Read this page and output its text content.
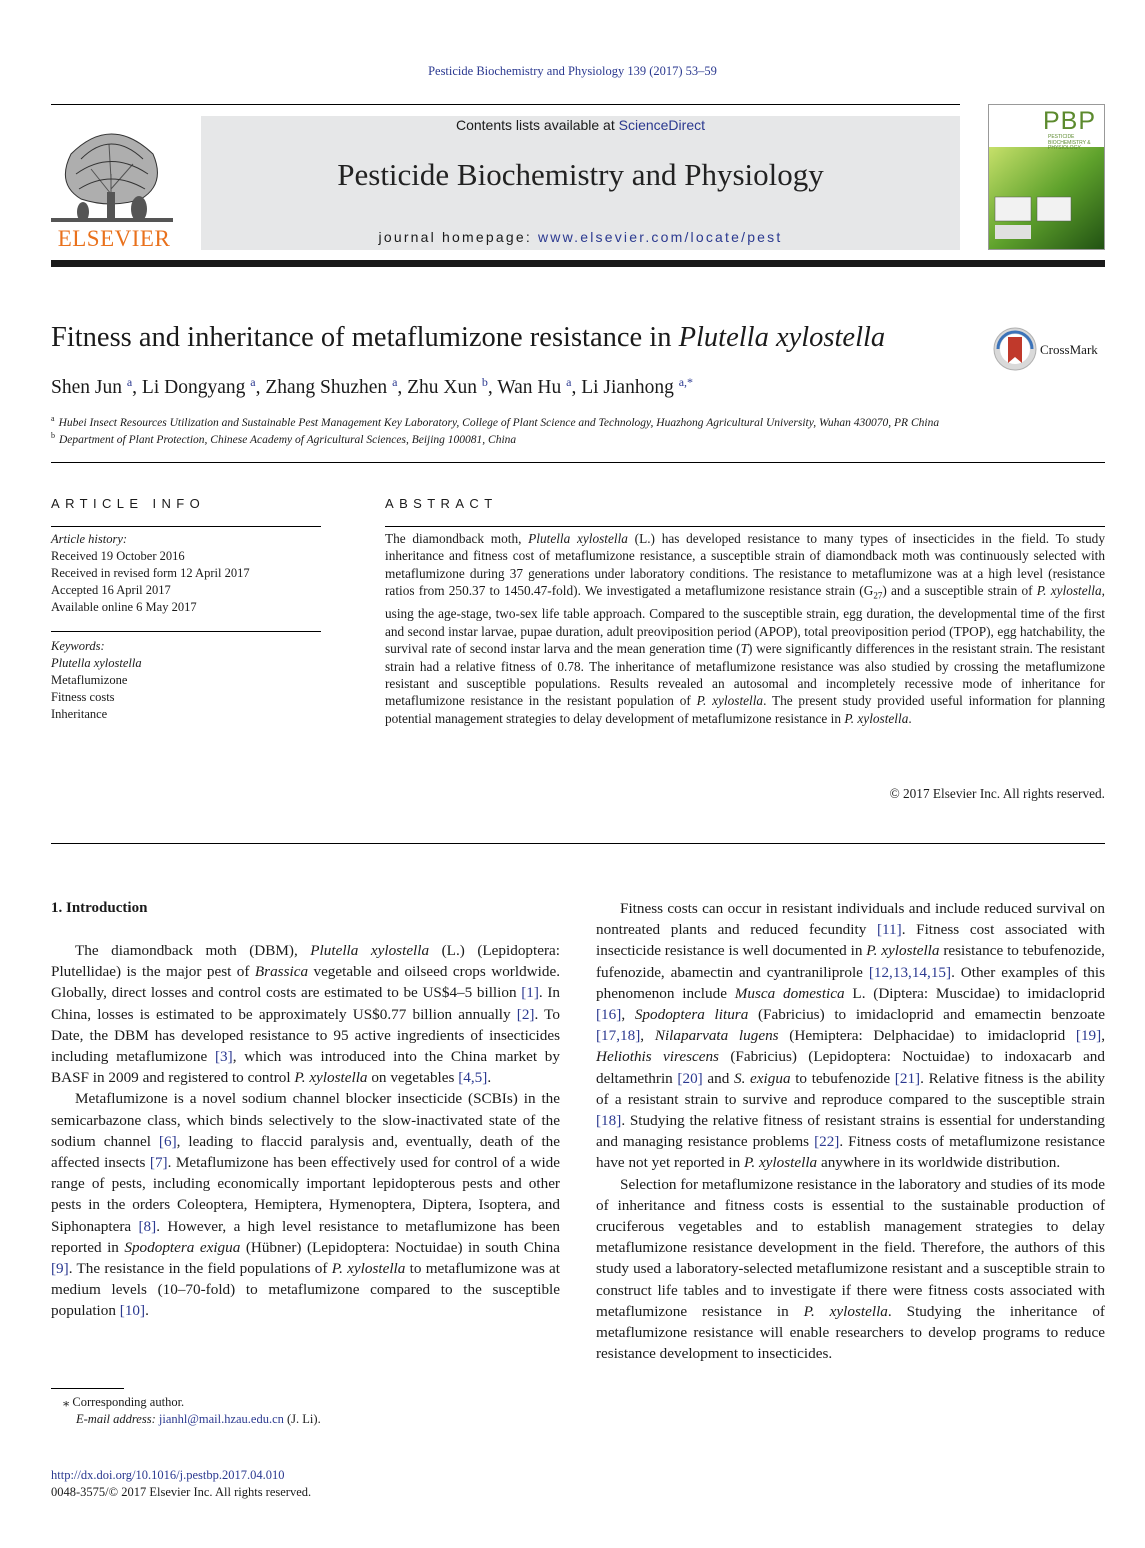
Pesticide Biochemistry and Physiology 139 (2017) 53–59
ELSEVIER
Contents lists available at ScienceDirect
Pesticide Biochemistry and Physiology
journal homepage: www.elsevier.com/locate/pest
PBP
PESTICIDE BIOCHEMISTRY & PHYSIOLOGY
Fitness and inheritance of metaflumizone resistance in Plutella xylostella	CrossMark
Shen Jun $^a$, Li Dongyang $^a$, Zhang Shuzhen $^a$, Zhu Xun $^b$, Wan Hu $^a$, Li Jianhong $^{a,*}$
$^a$ Hubei Insect Resources Utilization and Sustainable Pest Management Key Laboratory, College of Plant Science and Technology, Huazhong Agricultural University, Wuhan 430070, PR China
$^b$ Department of Plant Protection, Chinese Academy of Agricultural Sciences, Beijing 100081, China
ARTICLE INFO
Article history:
Received 19 October 2016
Received in revised form 12 April 2017
Accepted 16 April 2017
Available online 6 May 2017
Keywords:
Plutella xylostella
Metaflumizone
Fitness costs
Inheritance
ABSTRACT
The diamondback moth, Plutella xylostella (L.) has developed resistance to many types of insecticides in the field. To study inheritance and fitness cost of metaflumizone resistance, a susceptible strain of diamondback moth was continuously selected with metaflumizone during 37 generations under laboratory conditions. The resistance to metaflumizone was at a high level (resistance ratios from 250.37 to 1450.47-fold). We investigated a metaflumizone resistance strain $(G_{27})$ and a susceptible strain of P. xylostella, using the age-stage, two-sex life table approach. Compared to the susceptible strain, egg duration, the developmental time of the first and second instar larvae, pupae duration, adult preoviposition period (APOP), total preoviposition period (TPOP), egg hatchability, the survival rate of second instar larva and the mean generation time (T) were significantly differences in the resistant strain. The resistant strain had a relative fitness of 0.78. The inheritance of metaflumizone resistance was also studied by crossing the metaflumizone resistant and susceptible populations. Results revealed an autosomal and incompletely recessive mode of inheritance for metaflumizone resistance in the resistant population of P. xylostella. The present study provided useful information for planning potential management strategies to delay development of metaflumizone resistance in P. xylostella.
© 2017 Elsevier Inc. All rights reserved.
1. Introduction

The diamondback moth (DBM), Plutella xylostella (L.) (Lepidoptera: Plutellidae) is the major pest of Brassica vegetable and oilseed crops worldwide. Globally, direct losses and control costs are estimated to be US$4–5 billion [1]. In China, losses is estimated to be approximately US$0.77 billion annually [2]. To Date, the DBM has developed resistance to 95 active ingredients of insecticides including metaflumizone [3], which was introduced into the China market by BASF in 2009 and registered to control P. xylostella on vegetables [4,5].

Metaflumizone is a novel sodium channel blocker insecticide (SCBIs) in the semicarbazone class, which binds selectively to the slow-inactivated state of the sodium channel [6], leading to flaccid paralysis and, eventually, death of the affected insects [7]. Metaflumizone has been effectively used for control of a wide range of pests, including economically important lepidopterous pests and other pests in the orders Coleoptera, Hemiptera, Hymenoptera, Diptera, Isoptera, and Siphonaptera [8]. However, a high level resistance to metaflumizone has been reported in Spodoptera exigua (Hübner) (Lepidoptera: Noctuidae) in south China [9]. The resistance in the field populations of P. xylostella to metaflumizone was at medium levels (10–70-fold) to metaflumizone compared to the susceptible population [10].

Fitness costs can occur in resistant individuals and include reduced survival on nontreated plants and reduced fecundity [11]. Fitness cost associated with insecticide resistance is well documented in P. xylostella resistance to tebufenozide, fufenozide, abamectin and cyantraniliprole [12,13,14,15]. Other examples of this phenomenon include Musca domestica L. (Diptera: Muscidae) to imidacloprid [16], Spodoptera litura (Fabricius) to imidacloprid and emamectin benzoate [17,18], Nilaparvata lugens (Hemiptera: Delphacidae) to imidacloprid [19], Heliothis virescens (Fabricius) (Lepidoptera: Noctuidae) to indoxacarb and deltamethrin [20] and S. exigua to tebufenozide [21]. Relative fitness is the ability of a resistant strain to survive and reproduce compared to the susceptible strain [18]. Studying the relative fitness of resistant strains is essential for understanding and managing resistance problems [22]. Fitness costs of metaflumizone resistance have not yet reported in P. xylostella anywhere in its worldwide distribution.

Selection for metaflumizone resistance in the laboratory and studies of its mode of inheritance and fitness costs is essential to the sustainable production of cruciferous vegetables and to establish management strategies to delay metaflumizone resistance development in the field. Therefore, the authors of this study used a laboratory-selected metaflumizone resistant and a susceptible strain to construct life tables and to investigate if there were fitness costs associated with metaflumizone resistance in P. xylostella. Studying the inheritance of metaflumizone resistance will enable researchers to develop programs to reduce resistance development to insecticides.

⁎ Corresponding author.
E-mail address: jianhl@mail.hzau.edu.cn (J. Li).
http://dx.doi.org/10.1016/j.pestbp.2017.04.010
0048-3575/© 2017 Elsevier Inc. All rights reserved.
